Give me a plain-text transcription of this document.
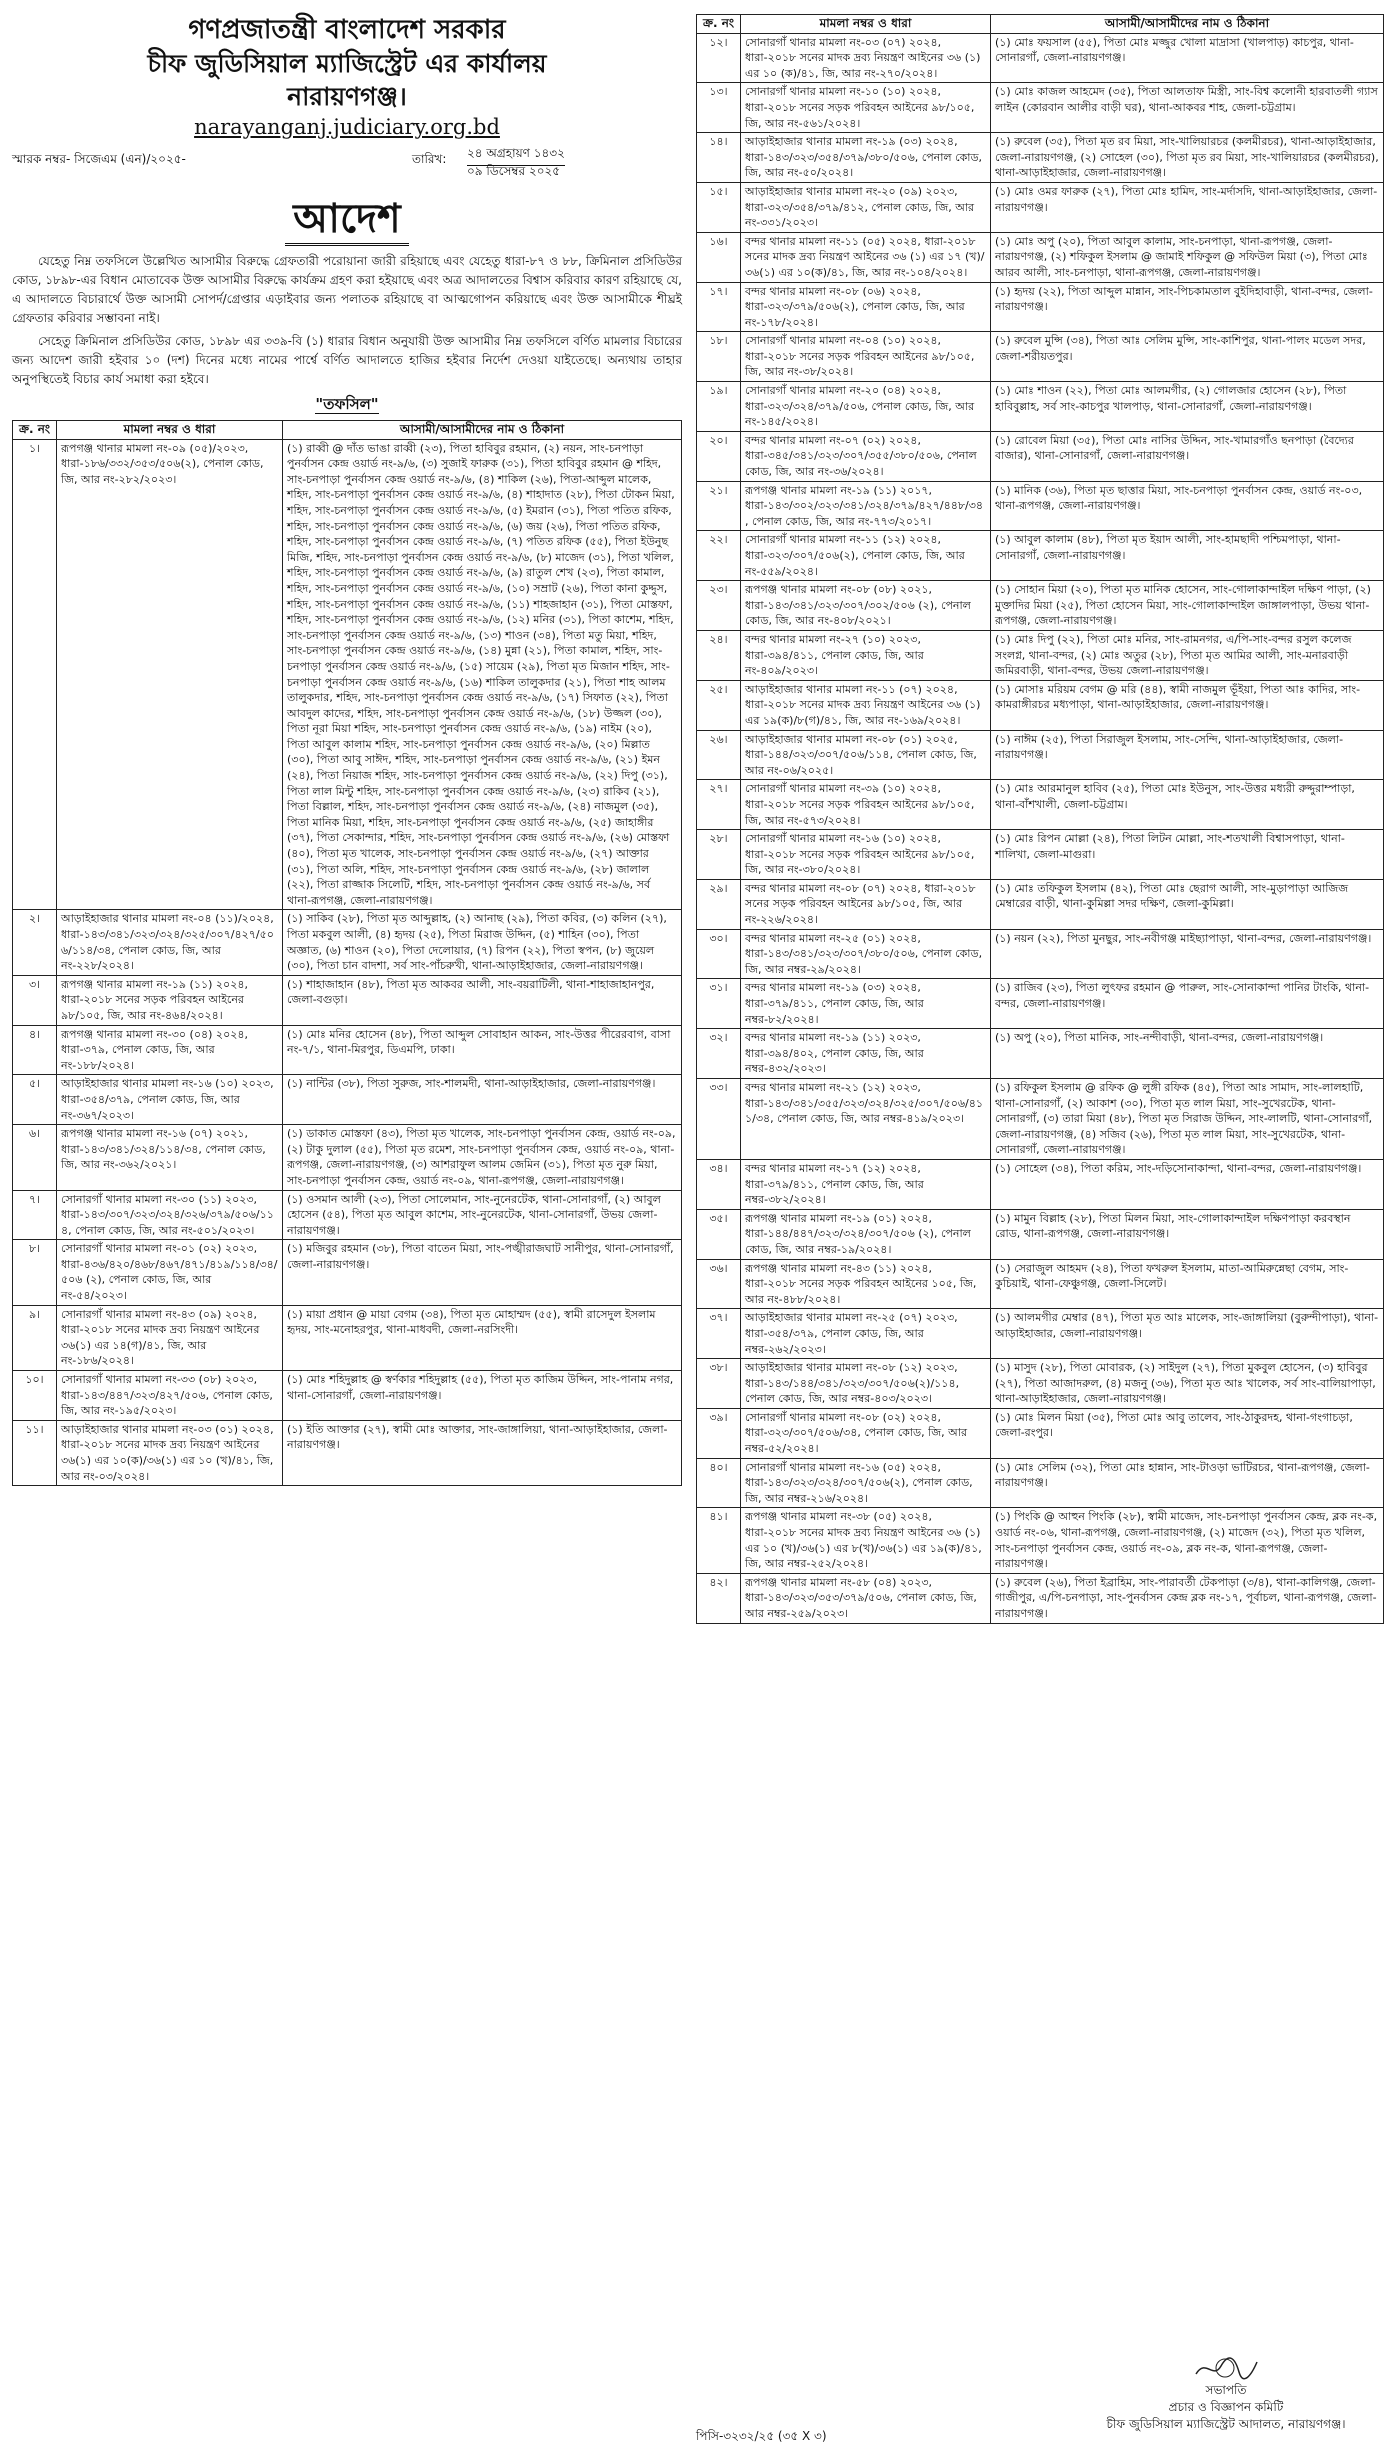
গণপ্রজাতন্ত্রী বাংলাদেশ সরকার
চীফ জুডিসিয়াল ম্যাজিস্ট্রেট এর কার্যালয়
নারায়ণগঞ্জ।
narayanganj.judiciary.org.bd
স্মারক নম্বর- সিজেএম (এন)/২০২৫-	তারিখ: ২৪ অগ্রহায়ণ ১৪৩২
০৯ ডিসেম্বর ২০২৫
আদেশ

যেহেতু নিম্ন তফসিলে উল্লেখিত আসামীর বিরুদ্ধে গ্রেফতারী পরোয়ানা জারী রহিয়াছে এবং যেহেতু ধারা-৮৭ ও ৮৮, ক্রিমিনাল প্রসিডিউর কোড, ১৮৯৮-এর বিধান মোতাবেক উক্ত আসামীর বিরুদ্ধে কার্যক্রম গ্রহণ করা হইয়াছে এবং অত্র আদালতের বিশ্বাস করিবার কারণ রহিয়াছে যে, এ আদালতে বিচারার্থে উক্ত আসামী সোপর্দ/গ্রেপ্তার এড়াইবার জন্য পলাতক রহিয়াছে বা আত্মগোপন করিয়াছে এবং উক্ত আসামীকে শীঘ্রই গ্রেফতার করিবার সম্ভাবনা নাই।

সেহেতু ক্রিমিনাল প্রসিডিউর কোড, ১৮৯৮ এর ৩৩৯-বি (১) ধারার বিধান অনুযায়ী উক্ত আসামীর নিম্ন তফসিলে বর্ণিত মামলার বিচারের জন্য আদেশ জারী হইবার ১০ (দশ) দিনের মধ্যে নামের পার্শ্বে বর্ণিত আদালতে হাজির হইবার নির্দেশ দেওয়া যাইতেছে। অন্যথায় তাহার অনুপস্থিতেই বিচার কার্য সমাধা করা হইবে।

"তফসিল"
ক্র. নং	মামলা নম্বর ও ধারা	আসামী/আসামীদের নাম ও ঠিকানা
১।	রূপগঞ্জ থানার মামলা নং-০৯ (০৫)/২০২৩, ধারা-১৮৬/৩৩২/৩৫৩/৫০৬(২), পেনাল কোড, জি, আর নং-২৮২/২০২৩।	(১) রাব্বী @ দাঁত ভাঙা রাব্বী (২৩), পিতা হাবিবুর রহমান, (২) নয়ন, সাং-চনপাড়া পুনর্বাসন কেন্দ্র ওয়ার্ড নং-৯/৬, (৩) সুজাই ফারুক (৩১), পিতা হাবিবুর রহমান @ শহিদ, সাং-চনপাড়া পুনর্বাসন কেন্দ্র ওয়ার্ড নং-৯/৬, (৪) শাকিল (২৬), পিতা-আব্দুল মালেক, শহিদ, সাং-চনপাড়া পুনর্বাসন কেন্দ্র ওয়ার্ড নং-৯/৬, (৪) শাহাদাত (২৮), পিতা টোকন মিয়া, শহিদ, সাং-চনপাড়া পুনর্বাসন কেন্দ্র ওয়ার্ড নং-৯/৬, (৫) ইমরান (৩১), পিতা পতিত রফিক, শহিদ, সাং-চনপাড়া পুনর্বাসন কেন্দ্র ওয়ার্ড নং-৯/৬, (৬) জয় (২৬), পিতা পতিত রফিক, শহিদ, সাং-চনপাড়া পুনর্বাসন কেন্দ্র ওয়ার্ড নং-৯/৬, (৭) পতিত রফিক (৫৫), পিতা ইউনুছ মিজি, শহিদ, সাং-চনপাড়া পুনর্বাসন কেন্দ্র ওয়ার্ড নং-৯/৬, (৮) মাজেদ (৩১), পিতা খলিল, শহিদ, সাং-চনপাড়া পুনর্বাসন কেন্দ্র ওয়ার্ড নং-৯/৬, (৯) রাতুল শেখ (২৩), পিতা কামাল, শহিদ, সাং-চনপাড়া পুনর্বাসন কেন্দ্র ওয়ার্ড নং-৯/৬, (১০) সম্রাট (২৬), পিতা কানা কুদ্দুস, শহিদ, সাং-চনপাড়া পুনর্বাসন কেন্দ্র ওয়ার্ড নং-৯/৬, (১১) শাহজাহান (৩১), পিতা মোস্তফা, শহিদ, সাং-চনপাড়া পুনর্বাসন কেন্দ্র ওয়ার্ড নং-৯/৬, (১২) মনির (৩১), পিতা কাশেম, শহিদ, সাং-চনপাড়া পুনর্বাসন কেন্দ্র ওয়ার্ড নং-৯/৬, (১৩) শাওন (৩৪), পিতা মতু মিয়া, শহিদ, সাং-চনপাড়া পুনর্বাসন কেন্দ্র ওয়ার্ড নং-৯/৬, (১৪) মুন্না (২১), পিতা কামাল, শহিদ, সাং-চনপাড়া পুনর্বাসন কেন্দ্র ওয়ার্ড নং-৯/৬, (১৫) সায়েম (২৯), পিতা মৃত মিজান শহিদ, সাং-চনপাড়া পুনর্বাসন কেন্দ্র ওয়ার্ড নং-৯/৬, (১৬) শাকিল তালুকদার (২১), পিতা শাহ আলম তালুকদার, শহিদ, সাং-চনপাড়া পুনর্বাসন কেন্দ্র ওয়ার্ড নং-৯/৬, (১৭) সিফাত (২২), পিতা আবদুল কাদের, শহিদ, সাং-চনপাড়া পুনর্বাসন কেন্দ্র ওয়ার্ড নং-৯/৬, (১৮) উজ্জল (৩০), পিতা নূরা মিয়া শহিদ, সাং-চনপাড়া পুনর্বাসন কেন্দ্র ওয়ার্ড নং-৯/৬, (১৯) নাইম (২০), পিতা আবুল কালাম শহিদ, সাং-চনপাড়া পুনর্বাসন কেন্দ্র ওয়ার্ড নং-৯/৬, (২০) মিল্লাত (৩০), পিতা আবু সাঈদ, শহিদ, সাং-চনপাড়া পুনর্বাসন কেন্দ্র ওয়ার্ড নং-৯/৬, (২১) ইমন (২৪), পিতা নিয়াজ শহিদ, সাং-চনপাড়া পুনর্বাসন কেন্দ্র ওয়ার্ড নং-৯/৬, (২২) দিপু (৩১), পিতা লাল মিন্টু শহিদ, সাং-চনপাড়া পুনর্বাসন কেন্দ্র ওয়ার্ড নং-৯/৬, (২৩) রাকিব (২১), পিতা বিল্লাল, শহিদ, সাং-চনপাড়া পুনর্বাসন কেন্দ্র ওয়ার্ড নং-৯/৬, (২৪) নাজমুল (৩৫), পিতা মানিক মিয়া, শহিদ, সাং-চনপাড়া পুনর্বাসন কেন্দ্র ওয়ার্ড নং-৯/৬, (২৫) জাহাঙ্গীর (৩৭), পিতা সেকান্দার, শহিদ, সাং-চনপাড়া পুনর্বাসন কেন্দ্র ওয়ার্ড নং-৯/৬, (২৬) মোস্তফা (৪০), পিতা মৃত খালেক, সাং-চনপাড়া পুনর্বাসন কেন্দ্র ওয়ার্ড নং-৯/৬, (২৭) আক্তার (৩১), পিতা অলি, শহিদ, সাং-চনপাড়া পুনর্বাসন কেন্দ্র ওয়ার্ড নং-৯/৬, (২৮) জালাল (২২), পিতা রাজ্জাক সিলেটি, শহিদ, সাং-চনপাড়া পুনর্বাসন কেন্দ্র ওয়ার্ড নং-৯/৬, সর্ব থানা-রূপগঞ্জ, জেলা-নারায়ণগঞ্জ।
২।	আড়াইহাজার থানার মামলা নং-০৪ (১১)/২০২৪, ধারা-১৪৩/৩৪১/৩২৩/৩২৪/৩২৫/৩০৭/৪২৭/৫০৬/১১৪/৩৪, পেনাল কোড, জি, আর নং-২২৮/২০২৪।	(১) সাকিব (২৮), পিতা মৃত আব্দুল্লাহ, (২) আনাছ (২৯), পিতা কবির, (৩) কলিন (২৭), পিতা মকবুল আলী, (৪) হৃদয় (২৫), পিতা মিরাজ উদ্দিন, (৫) শাহিন (৩০), পিতা অজ্ঞাত, (৬) শাওন (২০), পিতা দেলোয়ার, (৭) রিপন (২২), পিতা স্বপন, (৮) জুয়েল (৩০), পিতা চান বাদশা, সর্ব সাং-পাঁচরুখী, থানা-আড়াইহাজার, জেলা-নারায়ণগঞ্জ।
৩।	রূপগঞ্জ থানার মামলা নং-১৯ (১১) ২০২৪, ধারা-২০১৮ সনের সড়ক পরিবহন আইনের ৯৮/১০৫, জি, আর নং-৪৬৪/২০২৪।	(১) শাহাজাহান (৪৮), পিতা মৃত আকবর আলী, সাং-বয়রাটিলী, থানা-শাহাজাহানপুর, জেলা-বগুড়া।
৪।	রূপগঞ্জ থানার মামলা নং-৩০ (০৪) ২০২৪, ধারা-৩৭৯, পেনাল কোড, জি, আর নং-১৮৮/২০২৪।	(১) মোঃ মনির হোসেন (৪৮), পিতা আব্দুল সোবাহান আকন, সাং-উত্তর পীরেরবাগ, বাসা নং-৭/১, থানা-মিরপুর, ডিএমপি, ঢাকা।
৫।	আড়াইহাজার থানার মামলা নং-১৬ (১০) ২০২৩, ধারা-৩৫৪/৩৭৯, পেনাল কোড, জি, আর নং-৩৬৭/২০২৩।	(১) নান্টির (৩৮), পিতা সুরুজ, সাং-শালমদী, থানা-আড়াইহাজার, জেলা-নারায়ণগঞ্জ।
৬।	রূপগঞ্জ থানার মামলা নং-১৬ (০৭) ২০২১, ধারা-১৪৩/৩৪১/৩২৪/১১৪/৩৪, পেনাল কোড, জি, আর নং-৩৬২/২০২১।	(১) ডাকাত মোস্তফা (৪৩), পিতা মৃত খালেক, সাং-চনপাড়া পুনর্বাসন কেন্দ্র, ওয়ার্ড নং-০৯, (২) টাকু দুলাল (৫৫), পিতা মৃত রমেশ, সাং-চনপাড়া পুনর্বাসন কেন্দ্র, ওয়ার্ড নং-০৯, থানা-রূপগঞ্জ, জেলা-নারায়ণগঞ্জ, (৩) আশরাফুল আলম জেমিন (৩১), পিতা মৃত নুরু মিয়া, সাং-চনপাড়া পুনর্বাসন কেন্দ্র, ওয়ার্ড নং-০৯, থানা-রূপগঞ্জ, জেলা-নারায়ণগঞ্জ।
৭।	সোনারগাঁ থানার মামলা নং-৩০ (১১) ২০২৩, ধারা-১৪৩/৩০৭/৩২৩/৩২৪/৩২৬/৩৭৯/৫০৬/১১৪, পেনাল কোড, জি, আর নং-৫০১/২০২৩।	(১) ওসমান আলী (২৩), পিতা সোলেমান, সাং-নুনেরটেক, থানা-সোনারগাঁ, (২) আবুল হোসেন (৫৪), পিতা মৃত আবুল কাশেম, সাং-নুনেরটেক, থানা-সোনারগাঁ, উভয় জেলা-নারায়ণগঞ্জ।
৮।	সোনারগাঁ থানার মামলা নং-০১ (০২) ২০২৩, ধারা-৪৩৬/৪২০/৪৬৮/৪৬৭/৪৭১/৪১৯/১১৪/৩৪/৫০৬ (২), পেনাল কোড, জি, আর নং-৫৪/২০২৩।	(১) মজিবুর রহমান (৩৮), পিতা বাতেন মিয়া, সাং-পঙ্খীরাজঘাট সানীপুর, থানা-সোনারগাঁ, জেলা-নারায়ণগঞ্জ।
৯।	সোনারগাঁ থানার মামলা নং-৪৩ (০৯) ২০২৪, ধারা-২০১৮ সনের মাদক দ্রব্য নিয়ন্ত্রণ আইনের ৩৬(১) এর ১৪(গ)/৪১, জি, আর নং-১৮৬/২০২৪।	(১) মায়া প্রধান @ মায়া বেগম (৩৪), পিতা মৃত মোহাম্মদ (৫৫), স্বামী রাসেদুল ইসলাম হৃদয়, সাং-মনোহরপুর, থানা-মাধবদী, জেলা-নরসিংদী।
১০।	সোনারগাঁ থানার মামলা নং-৩৩ (০৮) ২০২৩, ধারা-১৪৩/৪৪৭/৩২৩/৪২৭/৫০৬, পেনাল কোড, জি, আর নং-১৯৫/২০২৩।	(১) মোঃ শহিদুল্লাহ @ স্বর্ণকার শহিদুল্লাহ (৫৫), পিতা মৃত কাজিম উদ্দিন, সাং-পানাম নগর, থানা-সোনারগাঁ, জেলা-নারায়ণগঞ্জ।
১১।	আড়াইহাজার থানার মামলা নং-০৩ (০১) ২০২৪, ধারা-২০১৮ সনের মাদক দ্রব্য নিয়ন্ত্রণ আইনের ৩৬(১) এর ১০(ক)/৩৬(১) এর ১০ (খ)/৪১, জি, আর নং-০৩/২০২৪।	(১) ইতি আক্তার (২৭), স্বামী মোঃ আক্তার, সাং-জাঙ্গালিয়া, থানা-আড়াইহাজার, জেলা-নারায়ণগঞ্জ।
ক্র. নং	মামলা নম্বর ও ধারা	আসামী/আসামীদের নাম ও ঠিকানা
১২।	সোনারগাঁ থানার মামলা নং-০৩ (০৭) ২০২৪, ধারা-২০১৮ সনের মাদক দ্রব্য নিয়ন্ত্রণ আইনের ৩৬ (১) এর ১০ (ক)/৪১, জি, আর নং-২৭০/২০২৪।	(১) মোঃ ফয়সাল (৫৫), পিতা মোঃ মজ্জুর খোলা মাদ্রাসা (খালপাড়) কাচপুর, থানা-সোনারগাঁ, জেলা-নারায়ণগঞ্জ।
১৩।	সোনারগাঁ থানার মামলা নং-১০ (১০) ২০২৪, ধারা-২০১৮ সনের সড়ক পরিবহন আইনের ৯৮/১০৫, জি, আর নং-৫৬১/২০২৪।	(১) মোঃ কাজল আহমেদ (৩৫), পিতা আলতাফ মিস্ত্রী, সাং-বিশ্ব কলোনী হারবাতলী গ্যাস লাইন (কোরবান আলীর বাড়ী ঘর), থানা-আকবর শাহ, জেলা-চট্টগ্রাম।
১৪।	আড়াইহাজার থানার মামলা নং-১৯ (০৩) ২০২৪, ধারা-১৪৩/৩২৩/৩৫৪/৩৭৯/৩৮০/৫০৬, পেনাল কোড, জি, আর নং-৫০/২০২৪।	(১) রুবেল (৩৫), পিতা মৃত রব মিয়া, সাং-খালিয়ারচর (কলমীরচর), থানা-আড়াইহাজার, জেলা-নারায়ণগঞ্জ, (২) সোহেল (৩০), পিতা মৃত রব মিয়া, সাং-খালিয়ারচর (কলমীরচর), থানা-আড়াইহাজার, জেলা-নারায়ণগঞ্জ।
১৫।	আড়াইহাজার থানার মামলা নং-২০ (০৯) ২০২৩, ধারা-৩২৩/৩৫৪/৩৭৯/৪১২, পেনাল কোড, জি, আর নং-৩৩১/২০২৩।	(১) মোঃ ওমর ফারুক (২৭), পিতা মোঃ হামিদ, সাং-মর্দাসদি, থানা-আড়াইহাজার, জেলা-নারায়ণগঞ্জ।
১৬।	বন্দর থানার মামলা নং-১১ (০৫) ২০২৪, ধারা-২০১৮ সনের মাদক দ্রব্য নিয়ন্ত্রণ আইনের ৩৬ (১) এর ১৭ (খ)/৩৬(১) এর ১০(ক)/৪১, জি, আর নং-১০৪/২০২৪।	(১) মোঃ অপু (২০), পিতা আবুল কালাম, সাং-চনপাড়া, থানা-রূপগঞ্জ, জেলা-নারায়ণগঞ্জ, (২) শফিকুল ইসলাম @ জামাই শফিকুল @ সফিউল মিয়া (৩), পিতা মোঃ আরব আলী, সাং-চনপাড়া, থানা-রূপগঞ্জ, জেলা-নারায়ণগঞ্জ।
১৭।	বন্দর থানার মামলা নং-০৮ (০৬) ২০২৪, ধারা-৩২৩/৩৭৯/৫০৬(২), পেনাল কোড, জি, আর নং-১৭৮/২০২৪।	(১) হৃদয় (২২), পিতা আব্দুল মান্নান, সাং-পিচকামতাল বুইদিহাবাড়ী, থানা-বন্দর, জেলা-নারায়ণগঞ্জ।
১৮।	সোনারগাঁ থানার মামলা নং-০৪ (১০) ২০২৪, ধারা-২০১৮ সনের সড়ক পরিবহন আইনের ৯৮/১০৫, জি, আর নং-৩৮/২০২৪।	(১) রুবেল মুন্সি (৩৪), পিতা আঃ সেলিম মুন্সি, সাং-কাশিপুর, থানা-পালং মডেল সদর, জেলা-শরীয়তপুর।
১৯।	সোনারগাঁ থানার মামলা নং-২০ (০৪) ২০২৪, ধারা-৩২৩/৩২৪/৩৭৯/৫০৬, পেনাল কোড, জি, আর নং-১৪৫/২০২৪।	(১) মোঃ শাওন (২২), পিতা মোঃ আলমগীর, (২) গোলজার হোসেন (২৮), পিতা হাবিবুল্লাহ, সর্ব সাং-কাচপুর খালপাড়, থানা-সোনারগাঁ, জেলা-নারায়ণগঞ্জ।
২০।	বন্দর থানার মামলা নং-০৭ (০২) ২০২৪, ধারা-৩৪৫/৩৪১/৩২৩/৩০৭/৩৫৫/৩৮০/৫০৬, পেনাল কোড, জি, আর নং-৩৬/২০২৪।	(১) রোবেল মিয়া (৩৫), পিতা মোঃ নাসির উদ্দিন, সাং-খামারগাঁও ছনপাড়া (বৈদ্যের বাজার), থানা-সোনারগাঁ, জেলা-নারায়ণগঞ্জ।
২১।	রূপগঞ্জ থানার মামলা নং-১৯ (১১) ২০১৭, ধারা-১৪৩/৩০২/৩২৩/৩৪১/৩২৪/৩৭৯/৪২৭/৪৪৮/৩৪, পেনাল কোড, জি, আর নং-৭৭৩/২০১৭।	(১) মানিক (৩৬), পিতা মৃত ছাত্তার মিয়া, সাং-চনপাড়া পুনর্বাসন কেন্দ্র, ওয়ার্ড নং-০৩, থানা-রূপগঞ্জ, জেলা-নারায়ণগঞ্জ।
২২।	সোনারগাঁ থানার মামলা নং-১১ (১২) ২০২৪, ধারা-৩২৩/৩০৭/৫০৬(২), পেনাল কোড, জি, আর নং-৫৫৯/২০২৪।	(১) আবুল কালাম (৪৮), পিতা মৃত ইয়াদ আলী, সাং-হামছাদী পশ্চিমপাড়া, থানা-সোনারগাঁ, জেলা-নারায়ণগঞ্জ।
২৩।	রূপগঞ্জ থানার মামলা নং-০৮ (০৮) ২০২১, ধারা-১৪৩/৩৪১/৩২৩/৩০৭/৩০২/৫০৬ (২), পেনাল কোড, জি, আর নং-৪০৮/২০২১।	(১) সোহান মিয়া (২০), পিতা মৃত মানিক হোসেন, সাং-গোলাকান্দাইল দক্ষিণ পাড়া, (২) মুক্তাদির মিয়া (২৫), পিতা হোসেন মিয়া, সাং-গোলাকান্দাইল জাঙ্গালপাড়া, উভয় থানা-রূপগঞ্জ, জেলা-নারায়ণগঞ্জ।
২৪।	বন্দর থানার মামলা নং-২৭ (১০) ২০২৩, ধারা-৩৯৪/৪১১, পেনাল কোড, জি, আর নং-৪০৯/২০২৩।	(১) মোঃ দিপু (২২), পিতা মোঃ মনির, সাং-রামনগর, এ/পি-সাং-বন্দর রসুল কলেজ সংলগ্ন, থানা-বন্দর, (২) মোঃ অতুর (২৮), পিতা মৃত আমির আলী, সাং-মনারবাড়ী জমিরবাড়ী, থানা-বন্দর, উভয় জেলা-নারায়ণগঞ্জ।
২৫।	আড়াইহাজার থানার মামলা নং-১১ (০৭) ২০২৪, ধারা-২০১৮ সনের মাদক দ্রব্য নিয়ন্ত্রণ আইনের ৩৬ (১) এর ১৯(ক)/৮(গ)/৪১, জি, আর নং-১৬৯/২০২৪।	(১) মোসাঃ মরিয়ম বেগম @ মরি (৪৪), স্বামী নাজমুল ভূঁইয়া, পিতা আঃ কাদির, সাং-কামরাঙ্গীরচর মধ্যপাড়া, থানা-আড়াইহাজার, জেলা-নারায়ণগঞ্জ।
২৬।	আড়াইহাজার থানার মামলা নং-০৮ (০১) ২০২৫, ধারা-১৪৪/৩২৩/৩০৭/৫০৬/১১৪, পেনাল কোড, জি, আর নং-০৬/২০২৫।	(১) নাঈম (২৫), পিতা সিরাজুল ইসলাম, সাং-সেন্দি, থানা-আড়াইহাজার, জেলা-নারায়ণগঞ্জ।
২৭।	সোনারগাঁ থানার মামলা নং-৩৯ (১০) ২০২৪, ধারা-২০১৮ সনের সড়ক পরিবহন আইনের ৯৮/১০৫, জি, আর নং-৫৭৩/২০২৪।	(১) মোঃ আরমানুল হাবিব (২৫), পিতা মোঃ ইউনুস, সাং-উত্তর মধ্যরী রুদ্দুরাম্পাড়া, থানা-বাঁশখালী, জেলা-চট্টগ্রাম।
২৮।	সোনারগাঁ থানার মামলা নং-১৬ (১০) ২০২৪, ধারা-২০১৮ সনের সড়ক পরিবহন আইনের ৯৮/১০৫, জি, আর নং-৩৮০/২০২৪।	(১) মোঃ রিপন মোল্লা (২৪), পিতা লিটন মোল্লা, সাং-শতখালী বিশ্বাসপাড়া, থানা-শালিখা, জেলা-মাগুরা।
২৯।	বন্দর থানার মামলা নং-০৮ (০৭) ২০২৪, ধারা-২০১৮ সনের সড়ক পরিবহন আইনের ৯৮/১০৫, জি, আর নং-২২৬/২০২৪।	(১) মোঃ তফিকুল ইসলাম (৪২), পিতা মোঃ ছেরাগ আলী, সাং-মুড়াপাড়া আজিজ মেম্বারের বাড়ী, থানা-কুমিল্লা সদর দক্ষিণ, জেলা-কুমিল্লা।
৩০।	বন্দর থানার মামলা নং-২৫ (০১) ২০২৪, ধারা-১৪৩/৩৪১/৩২৩/৩০৭/৩৮০/৫০৬, পেনাল কোড, জি, আর নম্বর-২৯/২০২৪।	(১) নয়ন (২২), পিতা মুনছুর, সাং-নবীগঞ্জ মাইছ্যাপাড়া, থানা-বন্দর, জেলা-নারায়ণগঞ্জ।
৩১।	বন্দর থানার মামলা নং-১৯ (০৩) ২০২৪, ধারা-৩৭৯/৪১১, পেনাল কোড, জি, আর নম্বর-৮২/২০২৪।	(১) রাজিব (২৩), পিতা লুৎফর রহমান @ পারুল, সাং-সোনাকান্দা পানির টাংকি, থানা-বন্দর, জেলা-নারায়ণগঞ্জ।
৩২।	বন্দর থানার মামলা নং-১৯ (১১) ২০২৩, ধারা-৩৯৪/৪০২, পেনাল কোড, জি, আর নম্বর-৪৩২/২০২৩।	(১) অপু (২০), পিতা মানিক, সাং-নন্দীবাড়ী, থানা-বন্দর, জেলা-নারায়ণগঞ্জ।
৩৩।	বন্দর থানার মামলা নং-২১ (১২) ২০২৩, ধারা-১৪৩/৩৪১/৩৫৫/৩২৩/৩২৪/৩২৫/৩০৭/৫০৬/৪১১/৩৪, পেনাল কোড, জি, আর নম্বর-৪১৯/২০২৩।	(১) রফিকুল ইসলাম @ রফিক @ লুঙ্গী রফিক (৪৫), পিতা আঃ সামাদ, সাং-লালহাটি, থানা-সোনারগাঁ, (২) আকাশ (৩০), পিতা মৃত লাল মিয়া, সাং-সুখেরটেক, থানা-সোনারগাঁ, (৩) তারা মিয়া (৪৮), পিতা মৃত সিরাজ উদ্দিন, সাং-লালটি, থানা-সোনারগাঁ, জেলা-নারায়ণগঞ্জ, (৪) সজিব (২৬), পিতা মৃত লাল মিয়া, সাং-সুখেরটেক, থানা-সোনারগাঁ, জেলা-নারায়ণগঞ্জ।
৩৪।	বন্দর থানার মামলা নং-১৭ (১২) ২০২৪, ধারা-৩৭৯/৪১১, পেনাল কোড, জি, আর নম্বর-৩৮২/২০২৪।	(১) সোহেল (৩৪), পিতা করিম, সাং-দড়িসোনাকান্দা, থানা-বন্দর, জেলা-নারায়ণগঞ্জ।
৩৫।	রূপগঞ্জ থানার মামলা নং-১৯ (০১) ২০২৪, ধারা-১৪৪/৪৪৭/৩২৩/৩২৪/৩০৭/৫০৬ (২), পেনাল কোড, জি, আর নম্বর-১৯/২০২৪।	(১) মামুন বিল্লাহ (২৮), পিতা মিলন মিয়া, সাং-গোলাকান্দাইল দক্ষিণপাড়া করবস্থান রোড, থানা-রূপগঞ্জ, জেলা-নারায়ণগঞ্জ।
৩৬।	রূপগঞ্জ থানার মামলা নং-৪৩ (১১) ২০২৪, ধারা-২০১৮ সনের সড়ক পরিবহন আইনের ১০৫, জি, আর নং-৪৮৮/২০২৪।	(১) সেরাজুল আহমদ (২৪), পিতা ফখরুল ইসলাম, মাতা-আমিরুন্নেছা বেগম, সাং-কুচিয়াই, থানা-ফেঞ্চুগঞ্জ, জেলা-সিলেট।
৩৭।	আড়াইহাজার থানার মামলা নং-২৫ (০৭) ২০২৩, ধারা-৩৫৪/৩৭৯, পেনাল কোড, জি, আর নম্বর-২৬২/২০২৩।	(১) আলমগীর মেম্বার (৪৭), পিতা মৃত আঃ মালেক, সাং-জাঙ্গালিয়া (বুরুন্দীপাড়া), থানা-আড়াইহাজার, জেলা-নারায়ণগঞ্জ।
৩৮।	আড়াইহাজার থানার মামলা নং-০৮ (১২) ২০২৩, ধারা-১৪৩/১৪৪/৩৪১/৩২৩/৩০৭/৫০৬(২)/১১৪, পেনাল কোড, জি, আর নম্বর-৪০৩/২০২৩।	(১) মাসুদ (২৮), পিতা মোবারক, (২) সাইদুল (২৭), পিতা মুকবুল হোসেন, (৩) হাবিবুর (২৭), পিতা আজাদরুল, (৪) মজনু (৩৬), পিতা মৃত আঃ খালেক, সর্ব সাং-বালিয়াপাড়া, থানা-আড়াইহাজার, জেলা-নারায়ণগঞ্জ।
৩৯।	সোনারগাঁ থানার মামলা নং-০৮ (০২) ২০২৪, ধারা-৩২৩/৩০৭/৫০৬/৩৪, পেনাল কোড, জি, আর নম্বর-৫২/২০২৪।	(১) মোঃ মিলন মিয়া (৩৫), পিতা মোঃ আবু তালেব, সাং-ঠাকুরদহ, থানা-গংগাচড়া, জেলা-রংপুর।
৪০।	সোনারগাঁ থানার মামলা নং-১৬ (০৫) ২০২৪, ধারা-১৪৩/৩২৩/৩২৪/৩০৭/৫০৬(২), পেনাল কোড, জি, আর নম্বর-২১৬/২০২৪।	(১) মোঃ সেলিম (৩২), পিতা মোঃ হান্নান, সাং-টাওড়া ভাটিরচর, থানা-রূপগঞ্জ, জেলা-নারায়ণগঞ্জ।
৪১।	রূপগঞ্জ থানার মামলা নং-৩৮ (০৫) ২০২৪, ধারা-২০১৮ সনের মাদক দ্রব্য নিয়ন্ত্রণ আইনের ৩৬ (১) এর ১০ (খ)/৩৬(১) এর ৮(খ)/৩৬(১) এর ১৯(ক)/৪১, জি, আর নম্বর-২৫২/২০২৪।	(১) পিংকি @ আহুন পিংকি (২৮), স্বামী মাজেদ, সাং-চনপাড়া পুনর্বাসন কেন্দ্র, ব্লক নং-ক, ওয়ার্ড নং-০৬, থানা-রূপগঞ্জ, জেলা-নারায়ণগঞ্জ, (২) মাজেদ (৩২), পিতা মৃত খলিল, সাং-চনপাড়া পুনর্বাসন কেন্দ্র, ওয়ার্ড নং-০৯, ব্লক নং-ক, থানা-রূপগঞ্জ, জেলা-নারায়ণগঞ্জ।
৪২।	রূপগঞ্জ থানার মামলা নং-৫৮ (০৪) ২০২৩, ধারা-১৪৩/৩২৩/৩৫৩/৩৭৯/৫০৬, পেনাল কোড, জি, আর নম্বর-২৫৯/২০২৩।	(১) রুবেল (২৬), পিতা ইব্রাহিম, সাং-পারাবর্তী টেকপাড়া (৩/৪), থানা-কালিগঞ্জ, জেলা-গাজীপুর, এ/পি-চনপাড়া, সাং-পুনর্বাসন কেন্দ্র ব্লক নং-১৭, পূর্বাচল, থানা-রূপগঞ্জ, জেলা-নারায়ণগঞ্জ।
পিসি-৩২৩২/২৫ (৩৫ X ৩)
সভাপতি
প্রচার ও বিজ্ঞাপন কমিটি
চীফ জুডিসিয়াল ম্যাজিস্ট্রেট আদালত, নারায়ণগঞ্জ।
